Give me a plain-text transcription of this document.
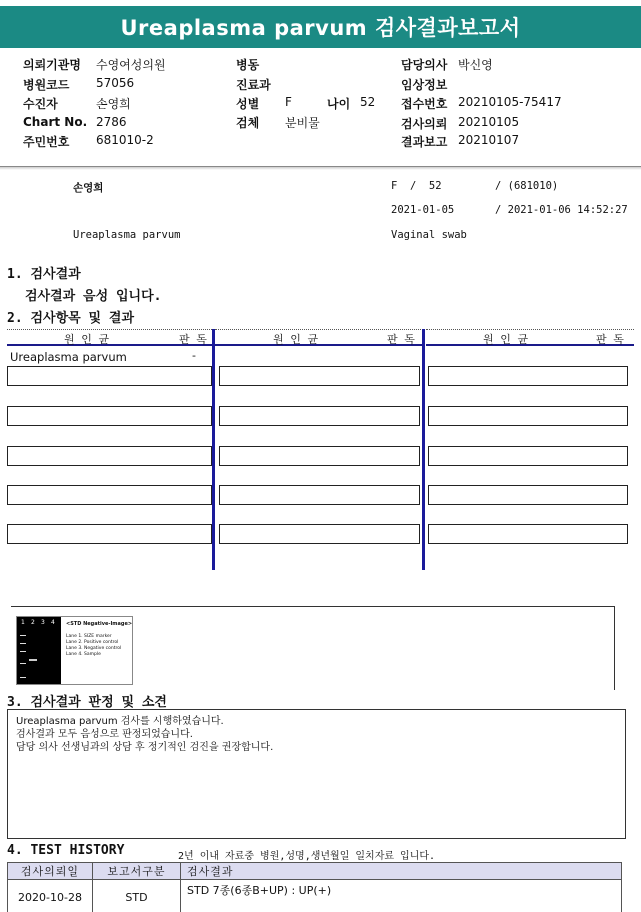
Ureaplasma parvum 검사결과보고서
의뢰기관명 수영여성의원
병원코드 57056
수진자	손영희
Chart No. 2786
주민번호 681010-2
병동
진료과
성별 F	나이 52
검체 분비물
담당의사 박신영
임상정보
접수번호 20210105-75417
검사의뢰 20210105
결과보고 20210107
손영희	F  /  52	/ (681010)
2021-01-05	/ 2021-01-06 14:52:27
Ureaplasma parvum	Vaginal swab
1. 검사결과
검사결과 음성 입니다.
2. 검사항목 및 결과
원 인 균	판 독	원 인 균	판 독	원 인 균	판 독
Ureaplasma parvum	-
1 2 3 4 <STD Negative-Image>
Lane 1. SIZE marker
Lane 2. Positive control
Lane 3. Negative control
Lane 4. Sample
3. 검사결과 판정 및 소견
Ureaplasma parvum 검사를 시행하였습니다.
검사결과 모두 음성으로 판정되었습니다.
담당 의사 선생님과의 상담 후 정기적인 검진을 권장합니다.
4. TEST HISTORY	2년 이내 자료중 병원,성명,생년월일 일치자료 입니다.
검사의뢰일	보고서구분	검사결과
2020-10-28	STD	STD 7종(6종B+UP) : UP(+)
